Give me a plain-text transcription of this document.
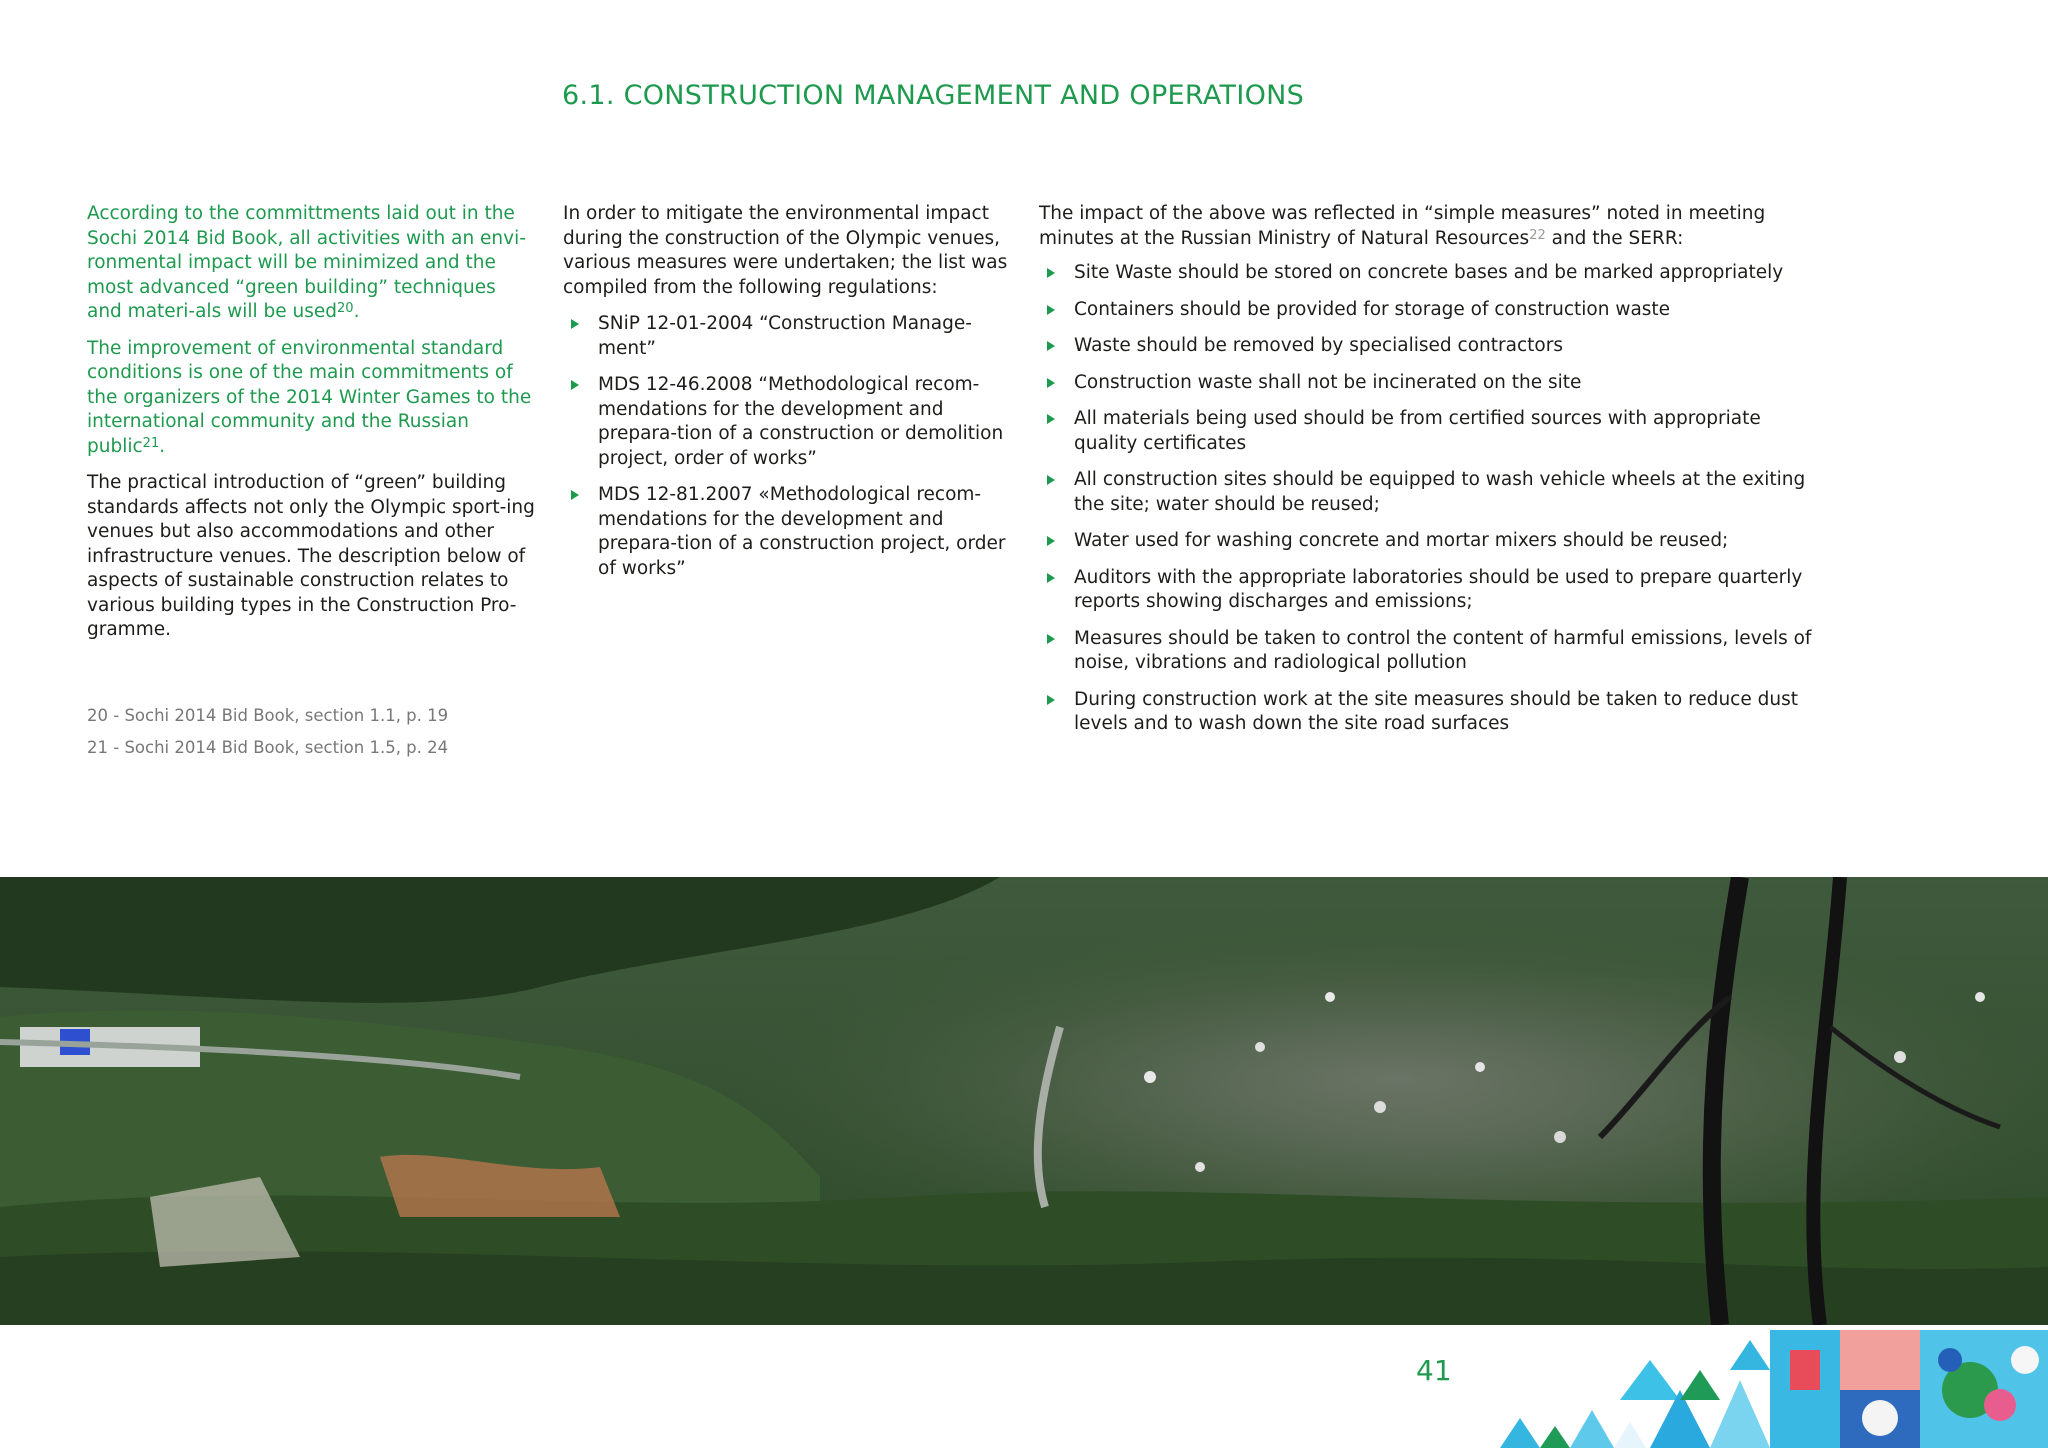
6.1. CONSTRUCTION MANAGEMENT AND OPERATIONS

According to the committments laid out in the Sochi 2014 Bid Book, all activities with an envi-ronmental impact will be minimized and the most advanced “green building” techniques and materi-als will be used$^{20}$.

The improvement of environmental standard conditions is one of the main commitments of the organizers of the 2014 Winter Games to the international community and the Russian public$^{21}$.

The practical introduction of “green” building standards affects not only the Olympic sport-ing venues but also accommodations and other infrastructure venues. The description below of aspects of sustainable construction relates to various building types in the Construction Pro-gramme.

20 - Sochi 2014 Bid Book, section 1.1, p. 19
21 - Sochi 2014 Bid Book, section 1.5, p. 24

In order to mitigate the environmental impact during the construction of the Olympic venues, various measures were undertaken; the list was compiled from the following regulations:

SNiP 12-01-2004 “Construction Manage-ment”
MDS 12-46.2008 “Methodological recom-mendations for the development and prepara-tion of a construction or demolition project, order of works”
MDS 12-81.2007 «Methodological recom-mendations for the development and prepara-tion of a construction project, order of works”

The impact of the above was reflected in “simple measures” noted in meeting minutes at the Russian Ministry of Natural Resources$^{22}$ and the SERR:

Site Waste should be stored on concrete bases and be marked appropriately
Containers should be provided for storage of construction waste
Waste should be removed by specialised contractors
Construction waste shall not be incinerated on the site
All materials being used should be from certified sources with appropriate quality certificates
All construction sites should be equipped to wash vehicle wheels at the exiting the site; water should be reused;
Water used for washing concrete and mortar mixers should be reused;
Auditors with the appropriate laboratories should be used to prepare quarterly reports showing discharges and emissions;
Measures should be taken to control the content of harmful emissions, levels of noise, vibrations and radiological pollution
During construction work at the site measures should be taken to reduce dust levels and to wash down the site road surfaces
41
